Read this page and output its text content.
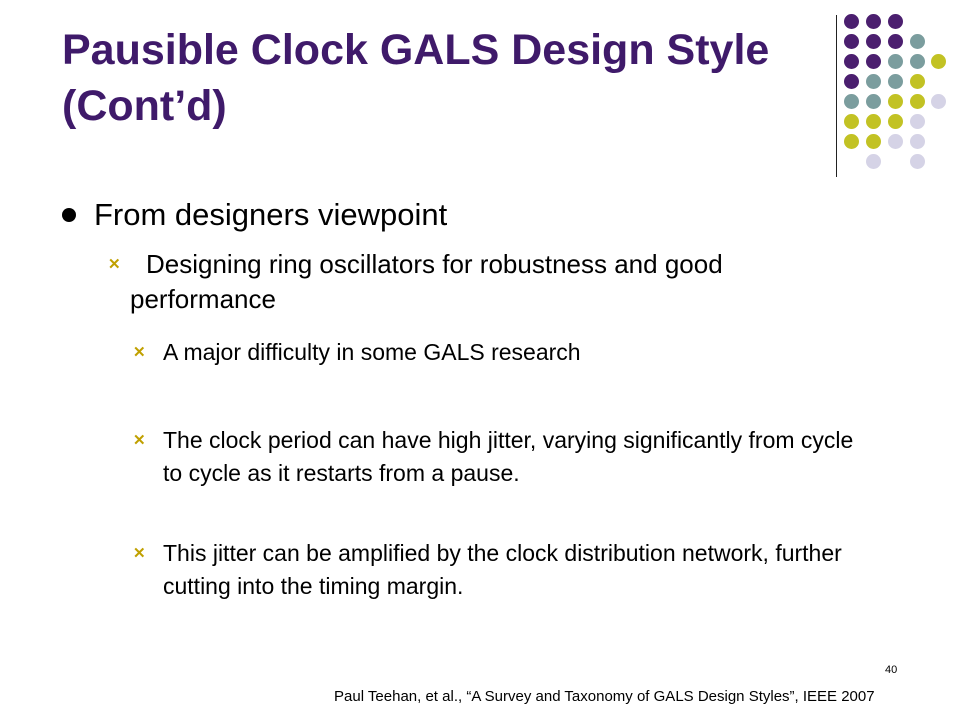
Pausible Clock GALS Design Style (Cont’d)
From designers viewpoint
✕ Designing ring oscillators for robustness and good performance
✕ A major difficulty in some GALS research
✕ The clock period can have high jitter, varying significantly from cycle to cycle as it restarts from a pause.
✕ This jitter can be amplified by the clock distribution network, further cutting into the timing margin.
40
Paul Teehan, et al., “A Survey and Taxonomy of GALS Design Styles”, IEEE 2007
